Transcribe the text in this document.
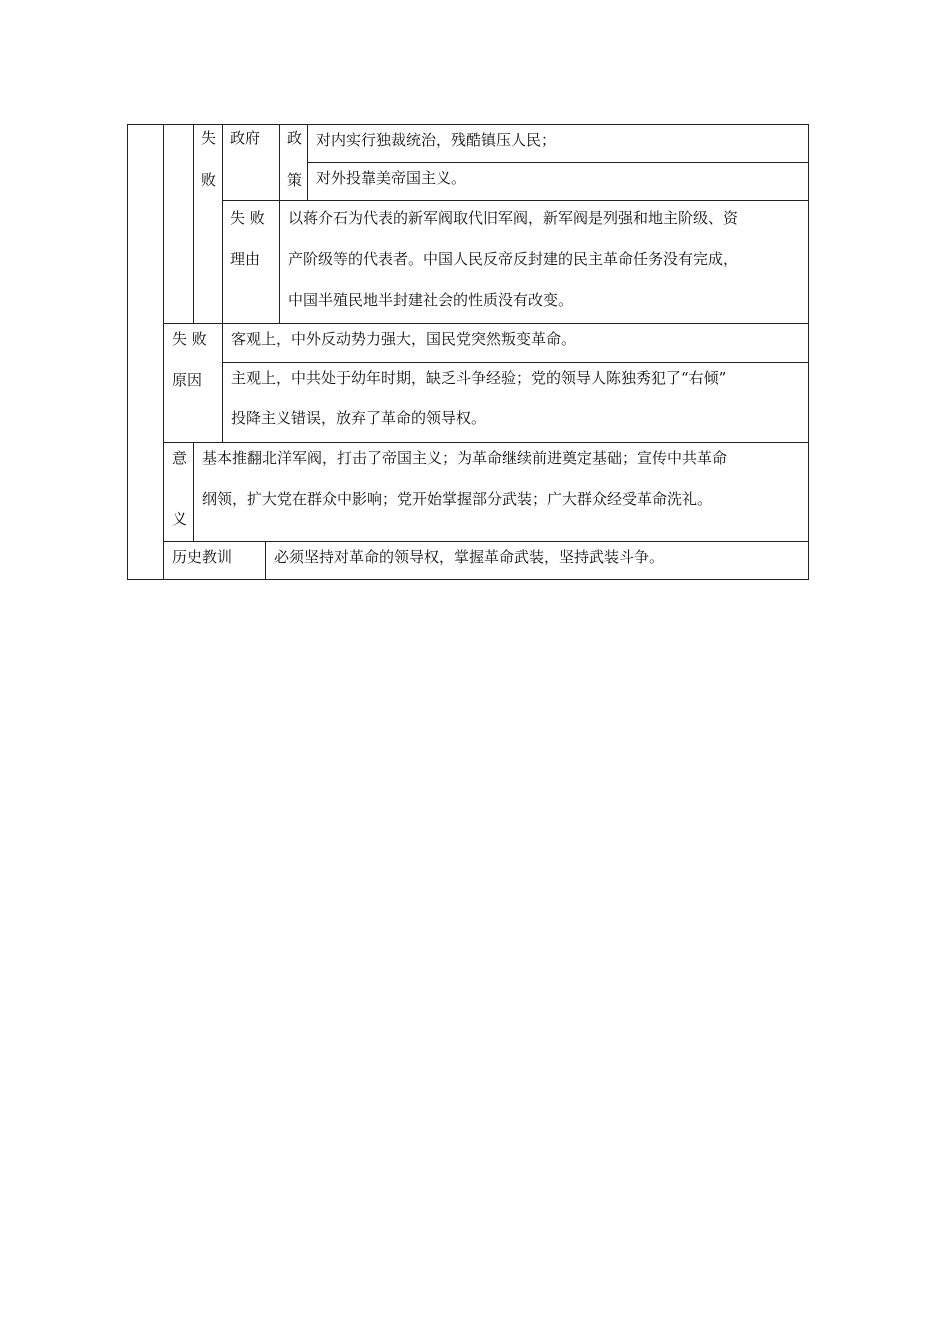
失
败
政府 政
策
对内实行独裁统治，残酷镇压人民；
对外投靠美帝国主义。
失 败
理由
以蒋介石为代表的新军阀取代旧军阀，新军阀是列强和地主阶级、资
产阶级等的代表者。中国人民反帝反封建的民主革命任务没有完成，
中国半殖民地半封建社会的性质没有改变。
失 败
原因
客观上，中外反动势力强大，国民党突然叛变革命。
主观上，中共处于幼年时期，缺乏斗争经验；党的领导人陈独秀犯了“右倾”
投降主义错误，放弃了革命的领导权。
意
义
基本推翻北洋军阀，打击了帝国主义；为革命继续前进奠定基础；宣传中共革命
纲领，扩大党在群众中影响；党开始掌握部分武装；广大群众经受革命洗礼。
历史教训	必须坚持对革命的领导权，掌握革命武装，坚持武装斗争。
